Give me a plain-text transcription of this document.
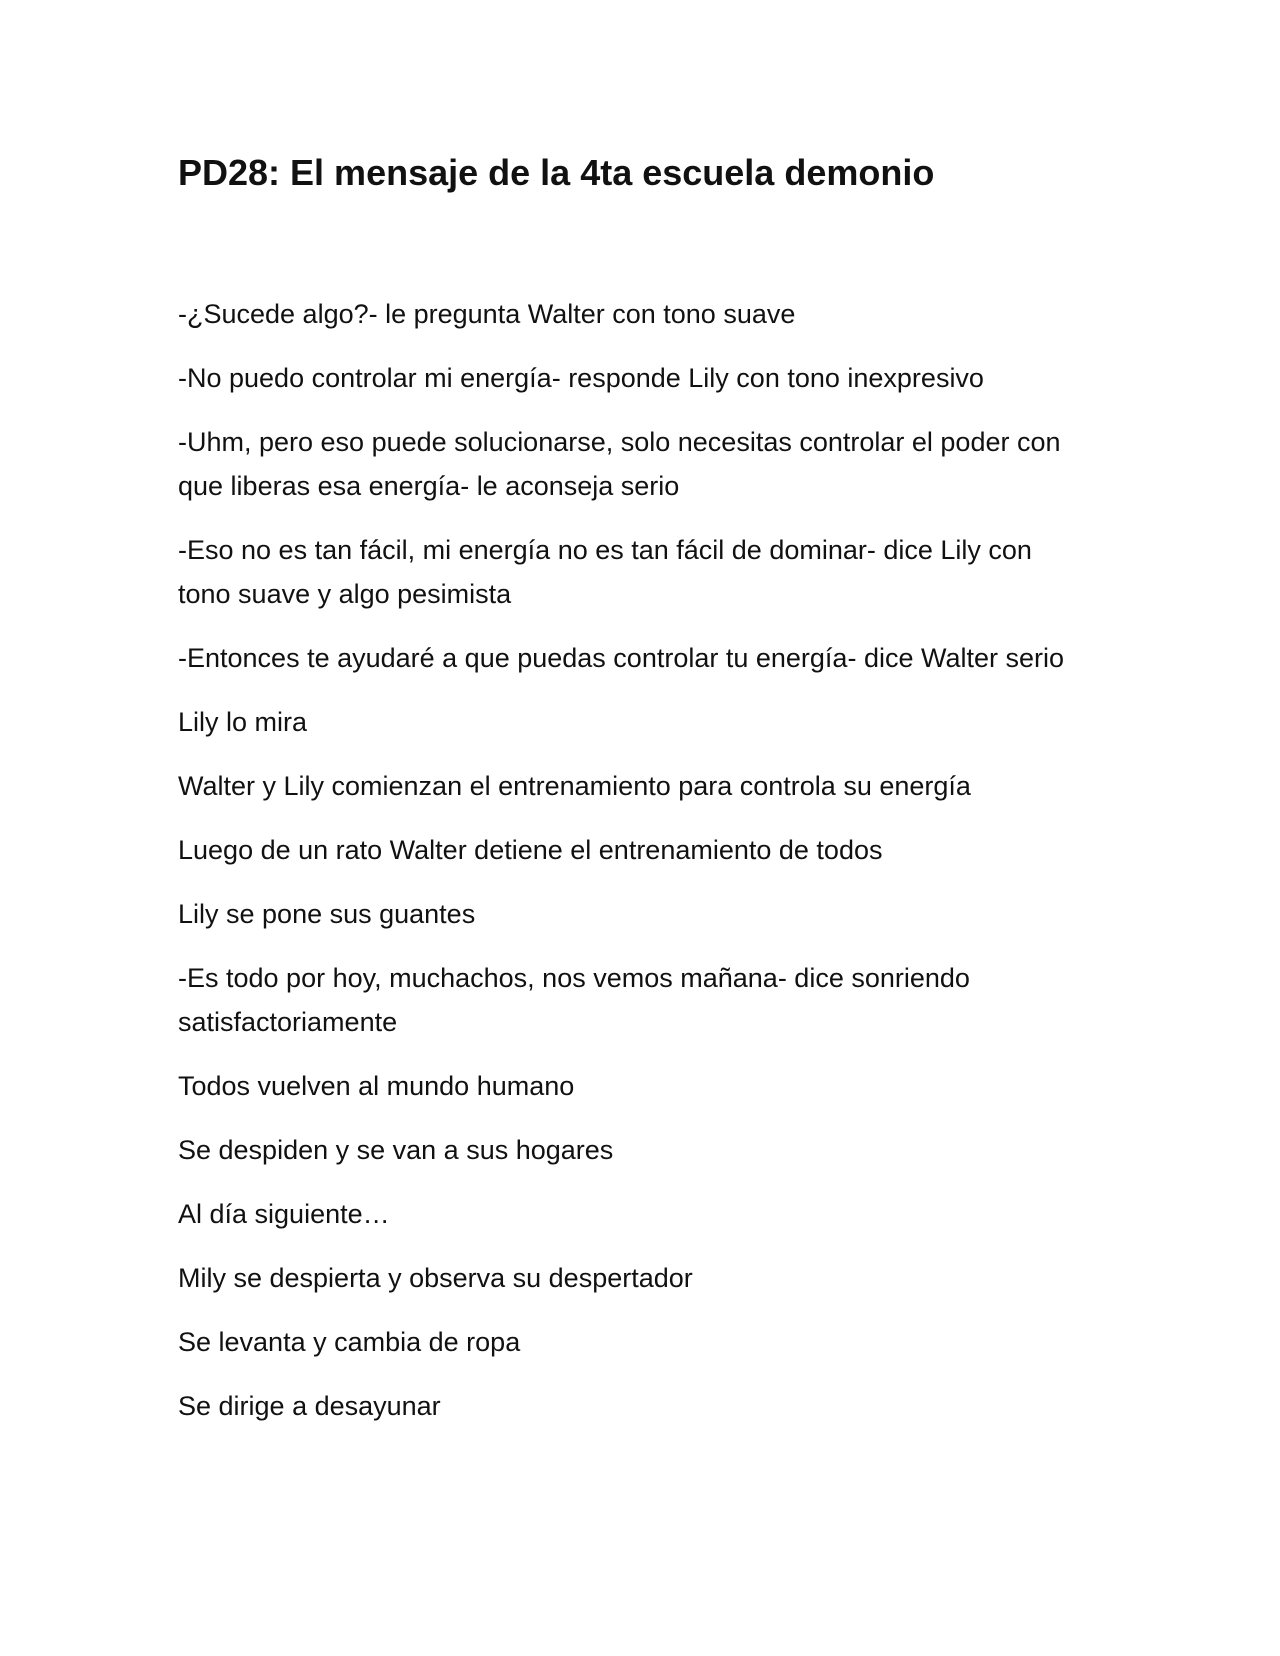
PD28: El mensaje de la 4ta escuela demonio

-¿Sucede algo?- le pregunta Walter con tono suave

-No puedo controlar mi energía- responde Lily con tono inexpresivo

-Uhm, pero eso puede solucionarse, solo necesitas controlar el poder con que liberas esa energía- le aconseja serio

-Eso no es tan fácil, mi energía no es tan fácil de dominar- dice Lily con tono suave y algo pesimista

-Entonces te ayudaré a que puedas controlar tu energía- dice Walter serio

Lily lo mira

Walter y Lily comienzan el entrenamiento para controla su energía

Luego de un rato Walter detiene el entrenamiento de todos

Lily se pone sus guantes

-Es todo por hoy, muchachos, nos vemos mañana- dice sonriendo satisfactoriamente

Todos vuelven al mundo humano

Se despiden y se van a sus hogares

Al día siguiente…

Mily se despierta y observa su despertador

Se levanta y cambia de ropa

Se dirige a desayunar
